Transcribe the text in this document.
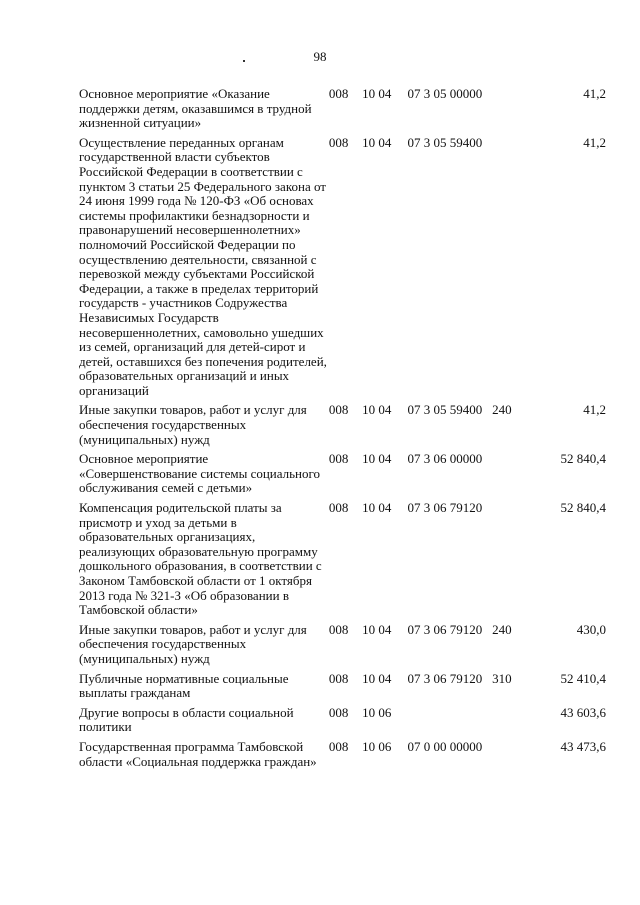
98
Основное мероприятие «Оказание поддержки детям, оказавшимся в трудной жизненной ситуации»	008	10 04	07 3 05 00000		41,2
Осуществление переданных органам государственной власти субъектов Российской Федерации в соответствии с пунктом 3 статьи 25 Федерального закона от 24 июня 1999 года № 120-ФЗ «Об основах системы профилактики безнадзорности и правонарушений несовершеннолетних» полномочий Российской Федерации по осуществлению деятельности, связанной с перевозкой между субъектами Российской Федерации, а также в пределах территорий государств - участников Содружества Независимых Государств несовершеннолетних, самовольно ушедших из семей, организаций для детей-сирот и детей, оставшихся без попечения родителей, образовательных организаций и иных организаций	008	10 04	07 3 05 59400		41,2
Иные закупки товаров, работ и услуг для обеспечения государственных (муниципальных) нужд	008	10 04	07 3 05 59400	240	41,2
Основное мероприятие «Совершенствование системы социального обслуживания семей с детьми»	008	10 04	07 3 06 00000		52 840,4
Компенсация родительской платы за присмотр и уход за детьми в образовательных организациях, реализующих образовательную программу дошкольного образования, в соответствии с Законом Тамбовской области от 1 октября 2013 года № 321-З «Об образовании в Тамбовской области»	008	10 04	07 3 06 79120		52 840,4
Иные закупки товаров, работ и услуг для обеспечения государственных (муниципальных) нужд	008	10 04	07 3 06 79120	240	430,0
Публичные нормативные социальные выплаты гражданам	008	10 04	07 3 06 79120	310	52 410,4
Другие вопросы в области социальной политики	008	10 06			43 603,6
Государственная программа Тамбовской области «Социальная поддержка граждан»	008	10 06	07 0 00 00000		43 473,6
